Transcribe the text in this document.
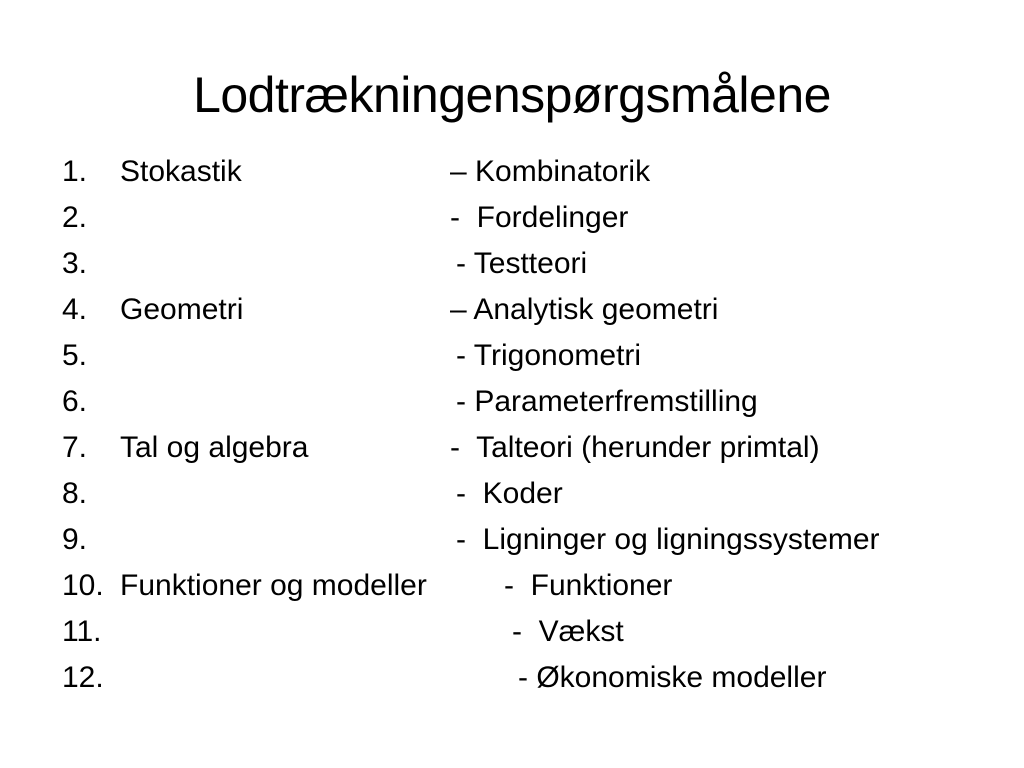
Lodtrækningenspørgsmålene
1. Stokastik	– Kombinatorik
2.	-  Fordelinger
3.	- Testteori
4. Geometri	– Analytisk geometri
5.	- Trigonometri
6.	- Parameterfremstilling
7. Tal og algebra	-  Talteori (herunder primtal)
8.	-  Koder
9.	-  Ligninger og ligningssystemer
10. Funktioner og modeller	-  Funktioner
11.	-  Vækst
12.	- Økonomiske modeller
